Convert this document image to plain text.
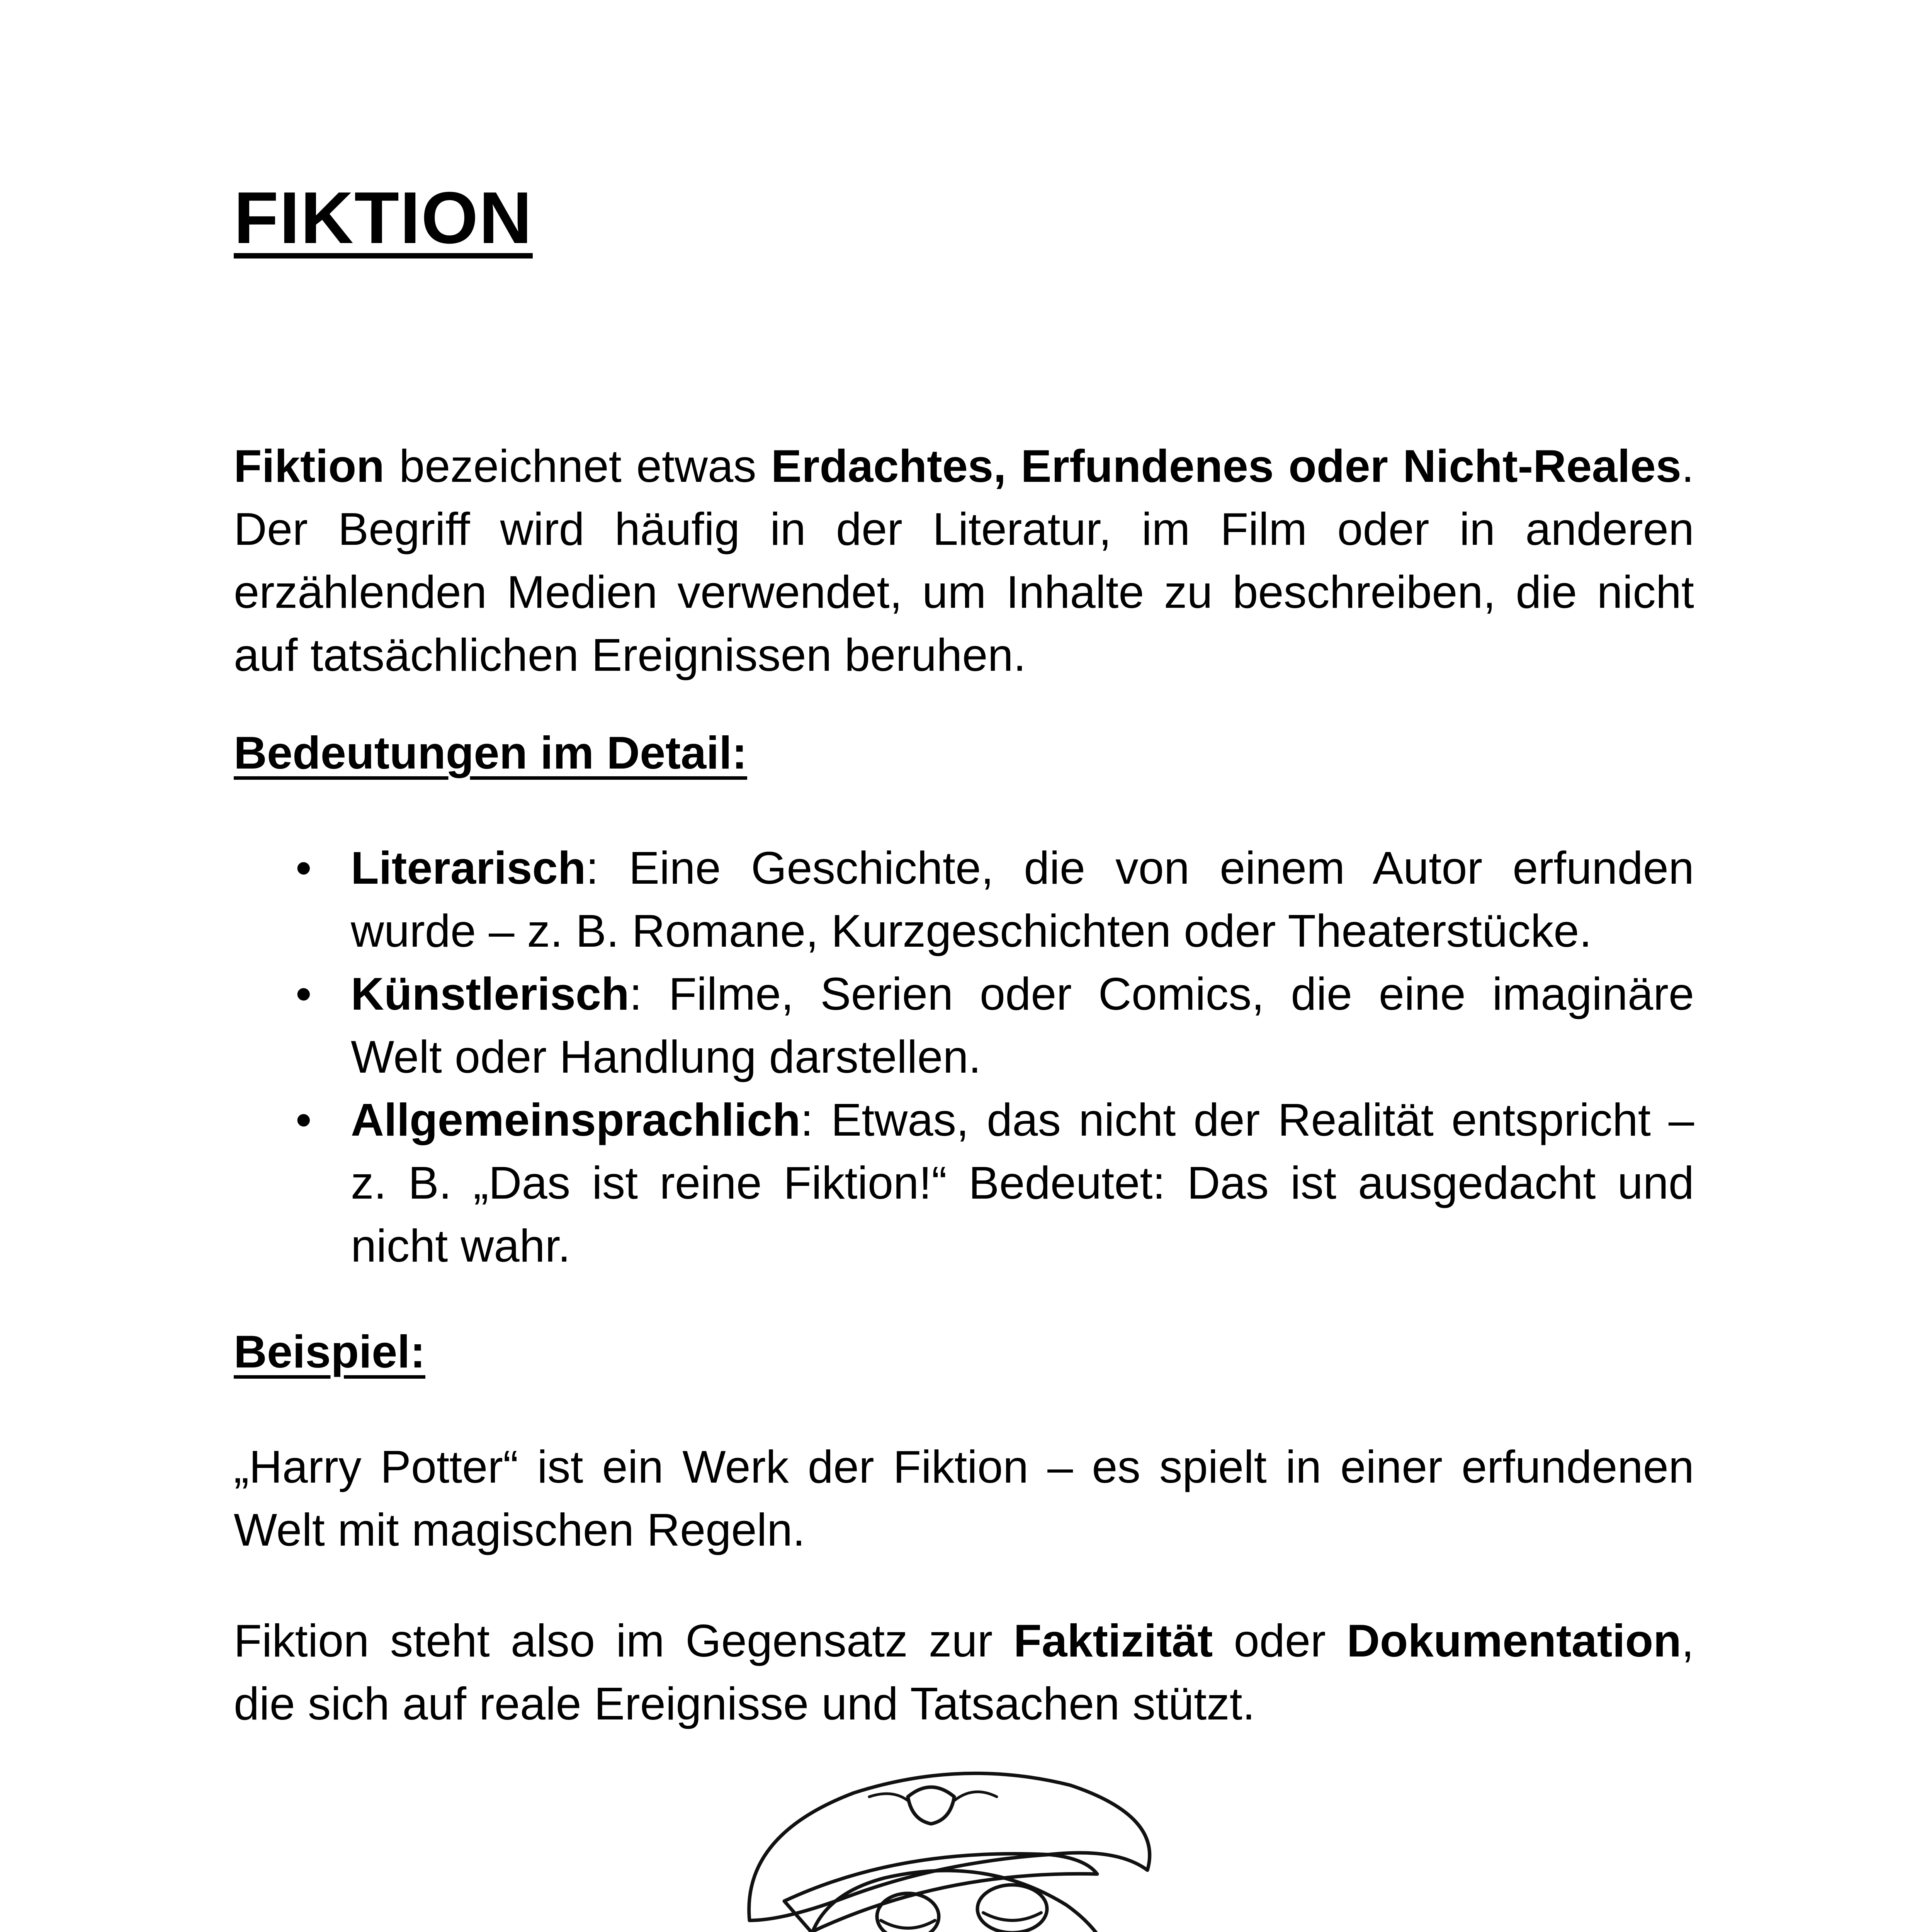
FIKTION

Fiktion bezeichnet etwas Erdachtes, Erfundenes oder Nicht-Reales. Der Begriff wird häufig in der Literatur, im Film oder in anderen erzählenden Medien verwendet, um Inhalte zu beschreiben, die nicht auf tatsächlichen Ereignissen beruhen.

Bedeutungen im Detail:
• Literarisch: Eine Geschichte, die von einem Autor erfunden wurde – z. B. Romane, Kurzgeschichten oder Theaterstücke.
• Künstlerisch: Filme, Serien oder Comics, die eine imaginäre Welt oder Handlung darstellen.
• Allgemeinsprachlich: Etwas, das nicht der Realität entspricht – z. B. „Das ist reine Fiktion!“ Bedeutet: Das ist ausgedacht und nicht wahr.
Beispiel:

„Harry Potter“ ist ein Werk der Fiktion – es spielt in einer erfundenen Welt mit magischen Regeln.

Fiktion steht also im Gegensatz zur Faktizität oder Dokumentation, die sich auf reale Ereignisse und Tatsachen stützt.
